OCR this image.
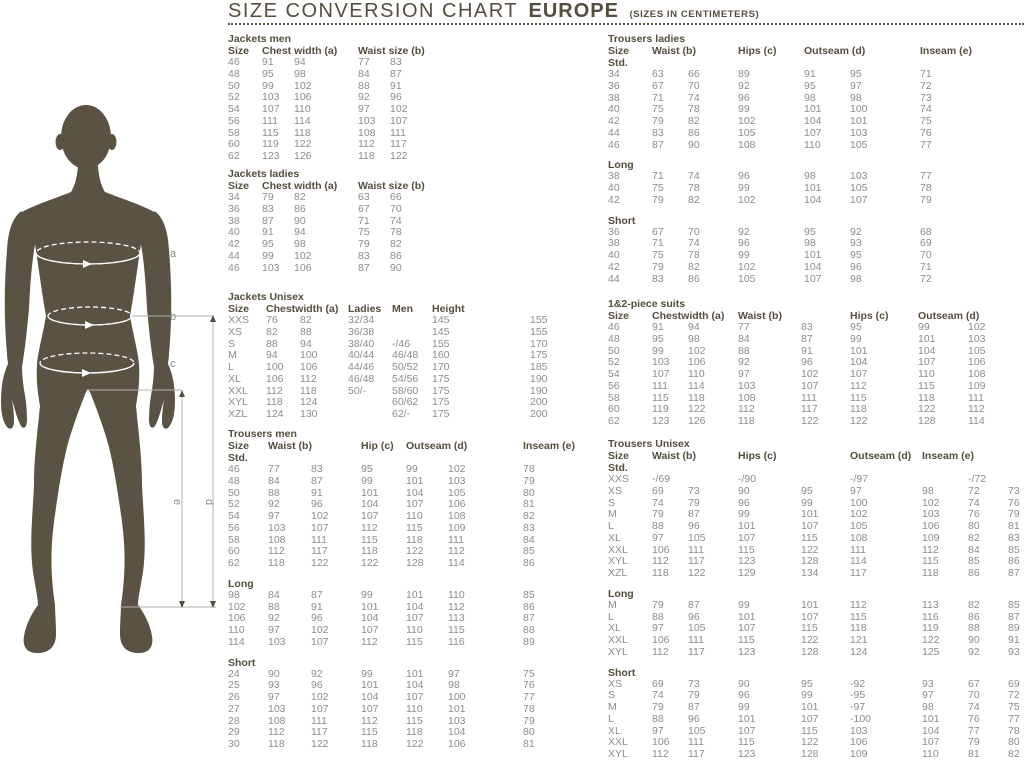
SIZE CONVERSION CHART EUROPE (SIZES IN CENTIMETERS)
a
b
c
d
e
Jackets men
Size	Chest width (a)	Waist size (b)
46	91	94	77	83
48	95	98	84	87
50	99	102	88	91
52	103	106	92	96
54	107	110	97	102
56	111	114	103	107
58	115	118	108	111
60	119	122	112	117
62	123	126	118	122
Jackets ladies
Size	Chest width (a)	Waist size (b)
34	79	82	63	66
36	83	86	67	70
38	87	90	71	74
40	91	94	75	78
42	95	98	79	82
44	99	102	83	86
46	103	106	87	90
Jackets Unisex
Size	Chestwidth (a) Ladies	Men	Height
XXS	76	82	32/34	145	155
XS	82	88	36/38	145	155
S	88	94	38/40	-/46	155	170
M	94	100	40/44	46/48	160	175
L	100	106	44/46	50/52	170	185
XL	106	112	46/48	54/56	175	190
XXL	112	118	50/-	58/60	175	190
XYL	118	124	60/62	175	200
XZL	124	130	62/-	175	200
Trousers men
Size	Waist (b)	Hip (c)	Outseam (d)	Inseam (e)
Std.
46	77	83	95	99	102	78
48	84	87	99	101	103	79
50	88	91	101	104	105	80
52	92	96	104	107	106	81
54	97	102	107	110	108	82
56	103	107	112	115	109	83
58	108	111	115	118	111	84
60	112	117	118	122	112	85
62	118	122	122	128	114	86
Long
98	84	87	99	101	110	85
102	88	91	101	104	112	86
106	92	96	104	107	113	87
110	97	102	107	110	115	88
114	103	107	112	115	116	89
Short
24	90	92	99	101	97	75
25	93	96	101	104	98	76
26	97	102	104	107	100	77
27	103	107	107	110	101	78
28	108	111	112	115	103	79
29	112	117	115	118	104	80
30	118	122	118	122	106	81
Trousers ladies
Size	Waist (b)	Hips (c)	Outseam (d)	Inseam (e)
Std.
34	63	66	89	91	95	71
36	67	70	92	95	97	72
38	71	74	96	98	98	73
40	75	78	99	101	100	74
42	79	82	102	104	101	75
44	83	86	105	107	103	76
46	87	90	108	110	105	77
Long
38	71	74	96	98	103	77
40	75	78	99	101	105	78
42	79	82	102	104	107	79
Short
36	67	70	92	95	92	68
38	71	74	96	98	93	69
40	75	78	99	101	95	70
42	79	82	102	104	96	71
44	83	86	105	107	98	72
1&2-piece suits
Size	Chestwidth (a)	Waist (b)	Hips (c)	Outseam (d)
46	91	94	77	83	95	99	102
48	95	98	84	87	99	101	103
50	99	102	88	91	101	104	105
52	103	106	92	96	104	107	106
54	107	110	97	102	107	110	108
56	111	114	103	107	112	115	109
58	115	118	108	111	115	118	111
60	119	122	112	117	118	122	112
62	123	126	118	122	122	128	114
Trousers Unisex
Size	Waist (b)	Hips (c)	Outseam (d)	Inseam (e)
Std.
XXS	-/69	-/90	-/97	-/72
XS	69	73	90	95	97	98	72	73
S	74	79	96	99	100	102	74	76
M	79	87	99	101	102	103	76	79
L	88	96	101	107	105	106	80	81
XL	97	105	107	115	108	109	82	83
XXL	106	111	115	122	111	112	84	85
XYL	112	117	123	128	114	115	85	86
XZL	118	122	129	134	117	118	86	87
Long
M	79	87	99	101	112	113	82	85
L	88	96	101	107	115	116	86	87
XL	97	105	107	115	118	119	88	89
XXL	106	111	115	122	121	122	90	91
XYL	112	117	123	128	124	125	92	93
Short
XS	69	73	90	95	-92	93	67	69
S	74	79	96	99	-95	97	70	72
M	79	87	99	101	-97	98	74	75
L	88	96	101	107	-100	101	76	77
XL	97	105	107	115	103	104	77	78
XXL	106	111	115	122	106	107	79	80
XYL	112	117	123	128	109	110	81	82
